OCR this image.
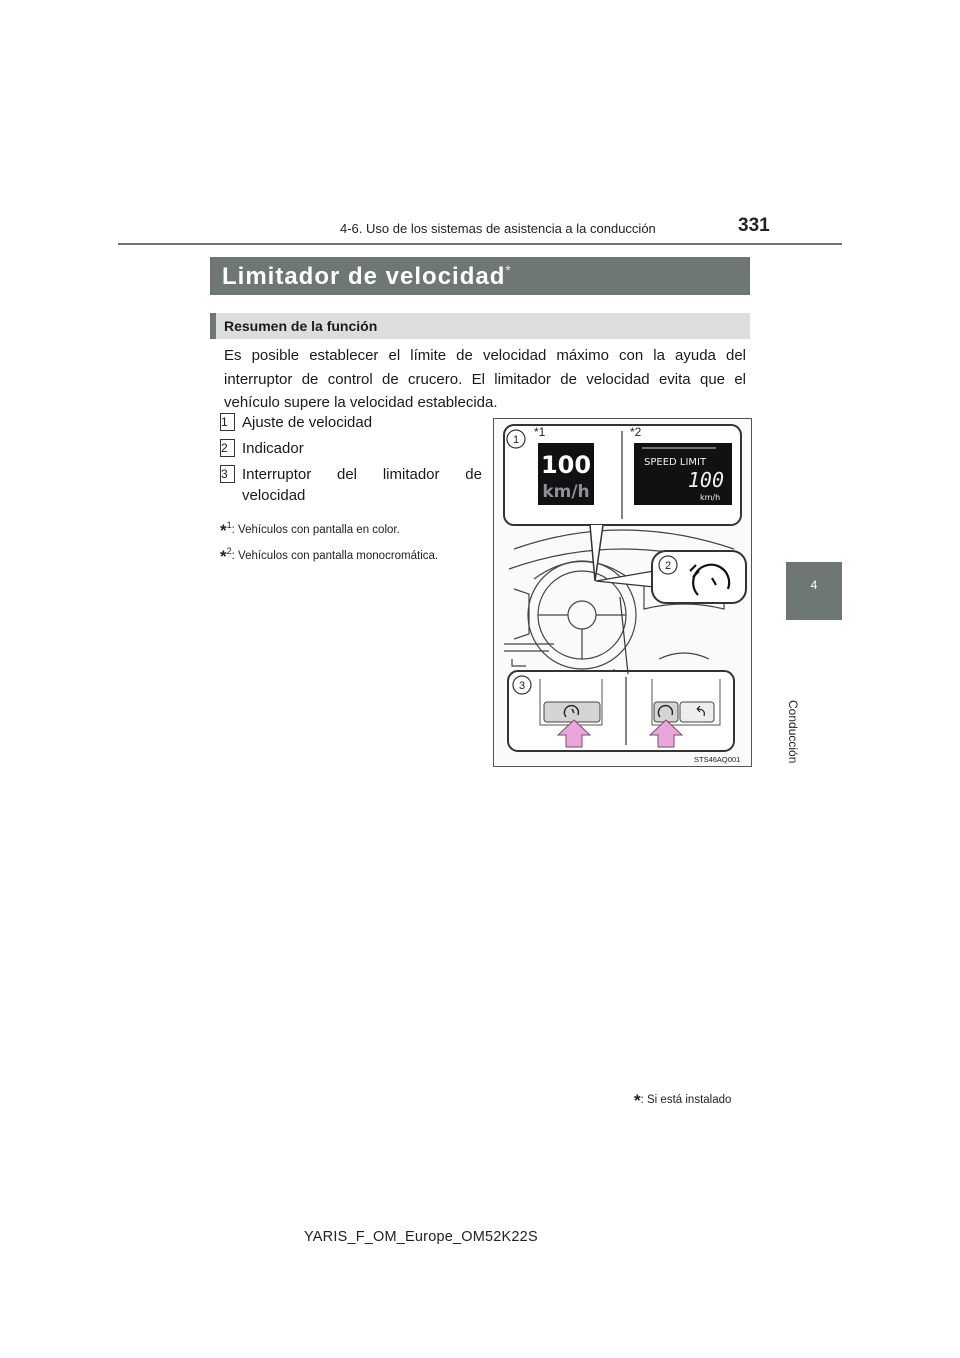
4-6. Uso de los sistemas de asistencia a la conducción	331
4
Conducción
Limitador de velocidad*
Resumen de la función
Es posible establecer el límite de velocidad máximo con la ayuda del interruptor de control de crucero. El limitador de velocidad evita que el vehículo supere la velocidad establecida.
1 Ajuste de velocidad
2 Indicador
3 Interruptor del limitador de velocidad
*$^1$: Vehículos con pantalla en color.
*$^2$: Vehículos con pantalla monocromática.
1
*1	*2
100
km/h
SPEED LIMIT
100
km/h
2
3
STS46AQ001
*: Si está instalado
YARIS_F_OM_Europe_OM52K22S
